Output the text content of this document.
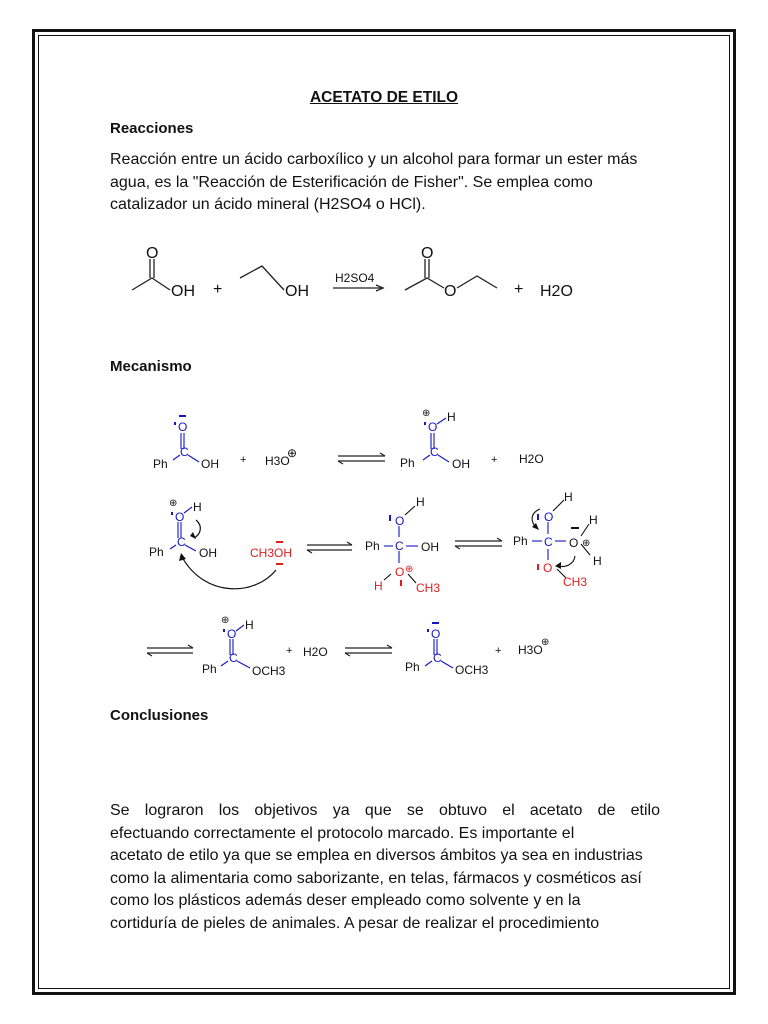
ACETATO DE ETILO
Reacciones
Reacción entre un ácido carboxílico y un alcohol para formar un ester más agua, es la "Reacción de Esterificación de Fisher". Se emplea como catalizador un ácido mineral (H2SO4 o HCl).
O
OH +	OH
H2SO4
O
O	+ H2O
Mecanismo
O
C
Ph	OH + H3O
⊕
⊕
O
H
C
Ph	OH + H2O
⊕
O
H
C
Ph	OH	CH3OH
O
H
C
Ph	OH
O ⊕
H	CH3
O
H
C
Ph	O ⊕
H
H
O
CH3
⊕
O
H
C
Ph	OCH3
+ H2O
O
C
Ph	OCH3
+ H3O
⊕
Conclusiones
Se lograron los objetivos ya que se obtuvo el acetato de etilo
efectuando correctamente el protocolo marcado. Es importante el
acetato de etilo ya que se emplea en diversos ámbitos ya sea en industrias
como la alimentaria como saborizante, en telas, fármacos y cosméticos así
como los plásticos además deser empleado como solvente y en la
cortiduría de pieles de animales. A pesar de realizar el procedimiento
